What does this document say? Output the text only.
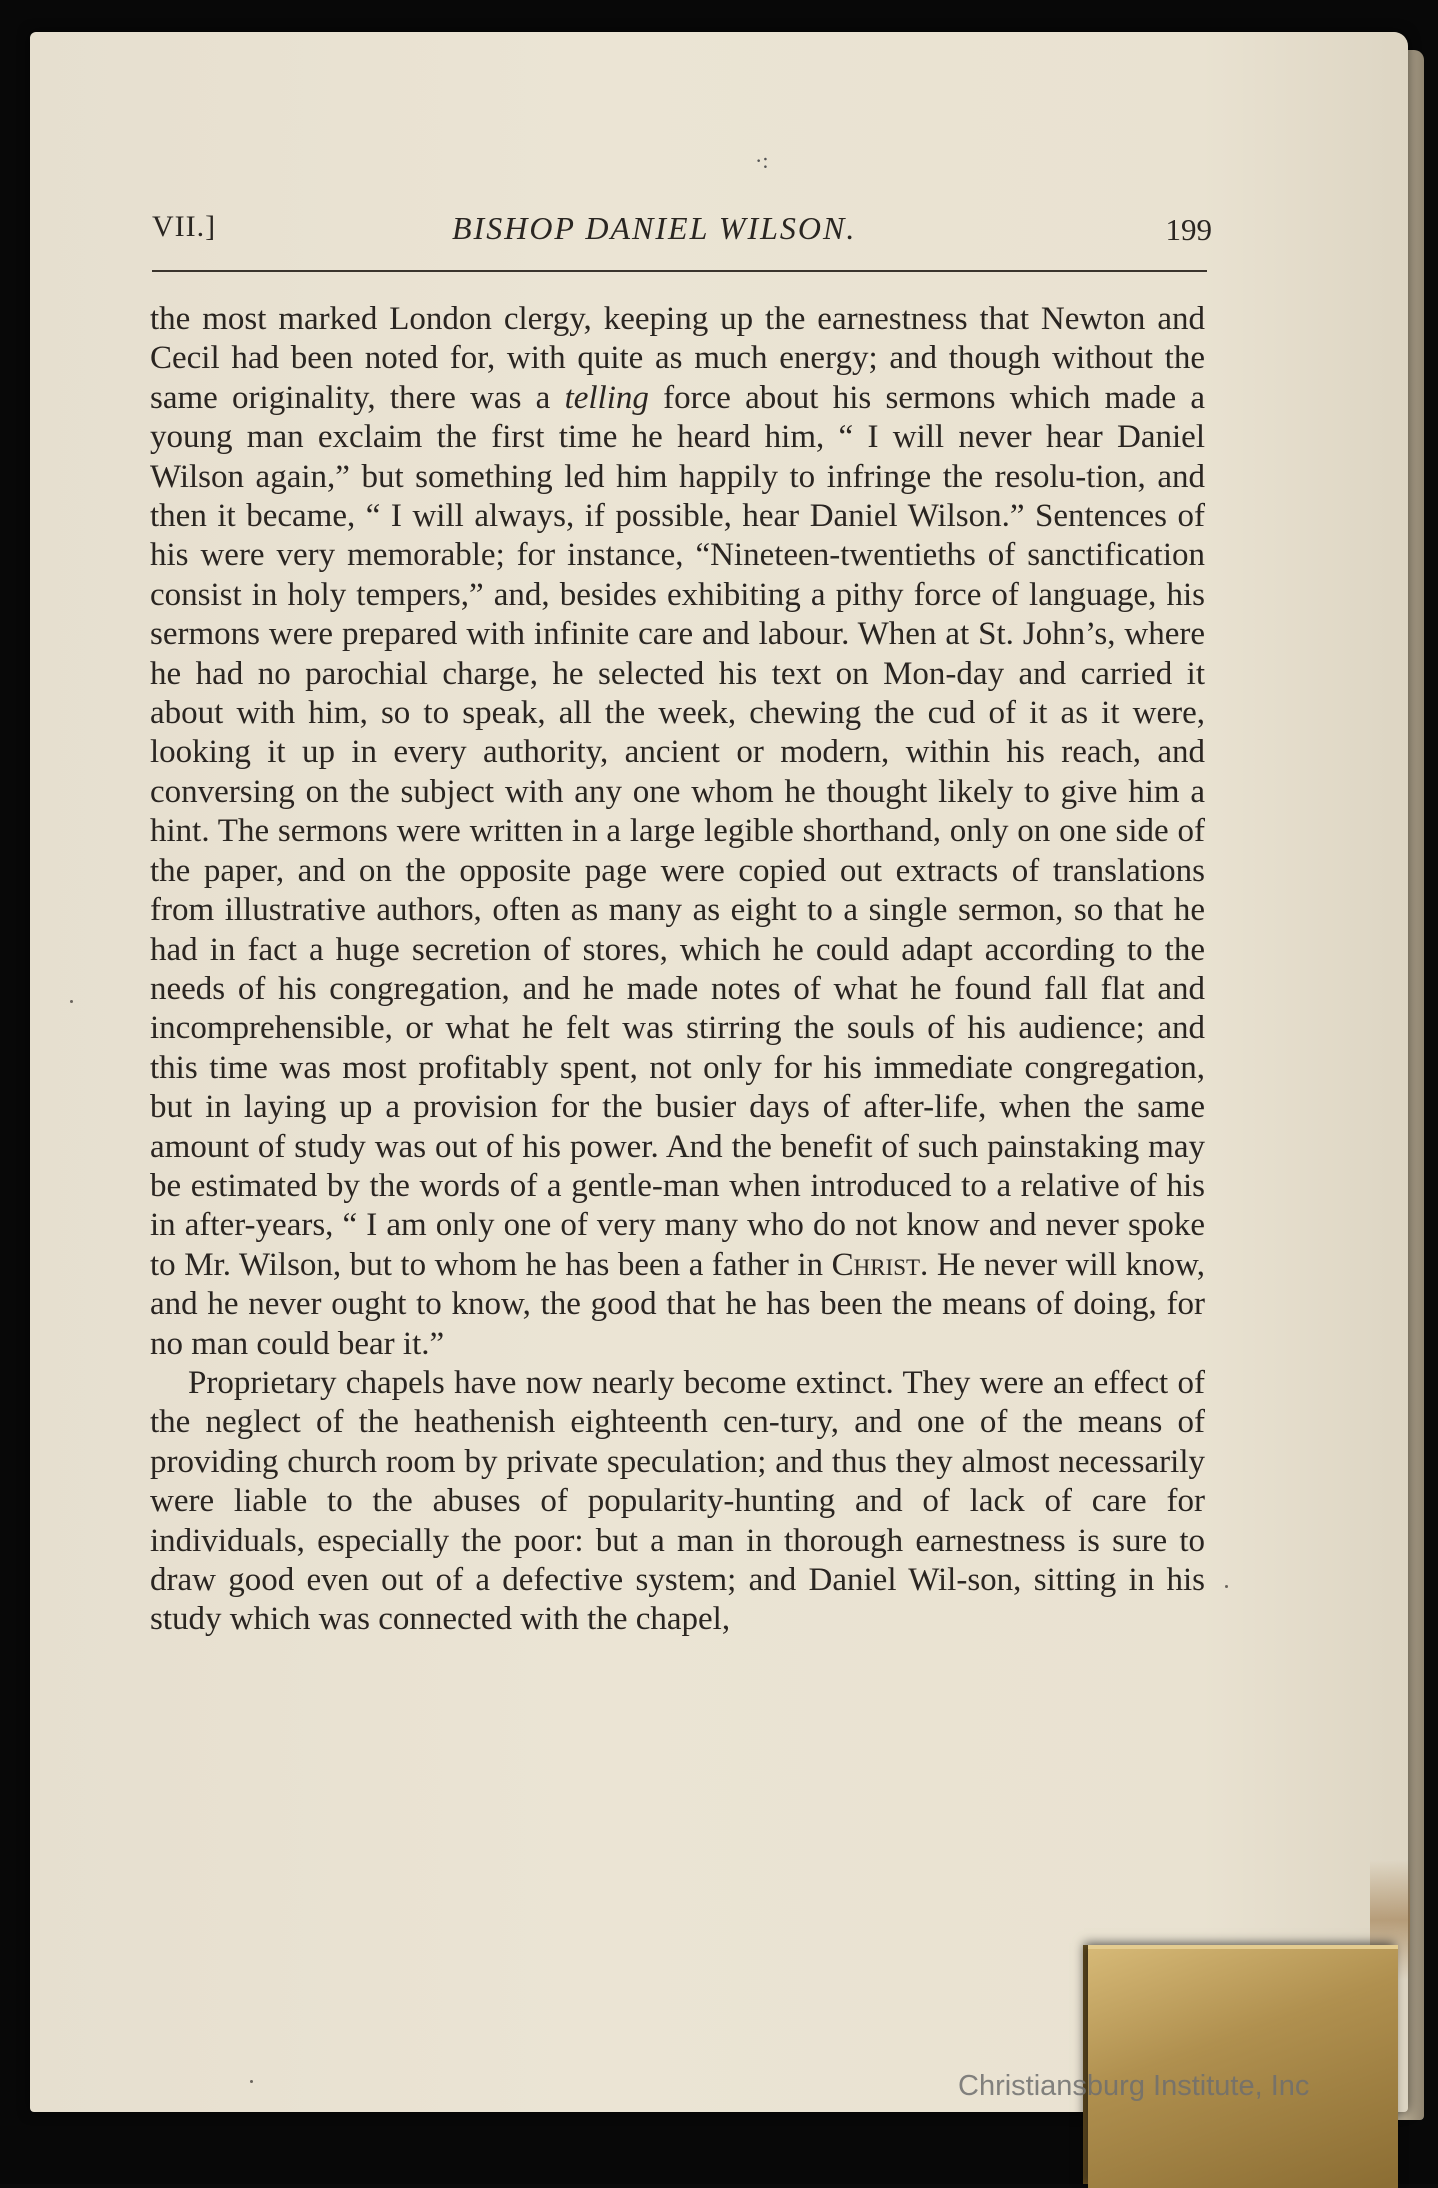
·:
VII.]	BISHOP DANIEL WILSON.	199

the most marked London clergy, keeping up the earnestness that Newton and Cecil had been noted for, with quite as much energy; and though without the same originality, there was a telling force about his sermons which made a young man exclaim the first time he heard him, “ I will never hear Daniel Wilson again,” but something led him happily to infringe the resolu-tion, and then it became, “ I will always, if possible, hear Daniel Wilson.” Sentences of his were very memorable; for instance, “Nineteen-twentieths of sanctification consist in holy tempers,” and, besides exhibiting a pithy force of language, his sermons were prepared with infinite care and labour. When at St. John’s, where he had no parochial charge, he selected his text on Mon-day and carried it about with him, so to speak, all the week, chewing the cud of it as it were, looking it up in every authority, ancient or modern, within his reach, and conversing on the subject with any one whom he thought likely to give him a hint. The sermons were written in a large legible shorthand, only on one side of the paper, and on the opposite page were copied out extracts of translations from illustrative authors, often as many as eight to a single sermon, so that he had in fact a huge secretion of stores, which he could adapt according to the needs of his congregation, and he made notes of what he found fall flat and incomprehensible, or what he felt was stirring the souls of his audience; and this time was most profitably spent, not only for his immediate congregation, but in laying up a provision for the busier days of after-life, when the same amount of study was out of his power. And the benefit of such painstaking may be estimated by the words of a gentle-man when introduced to a relative of his in after-years, “ I am only one of very many who do not know and never spoke to Mr. Wilson, but to whom he has been a father in Christ. He never will know, and he never ought to know, the good that he has been the means of doing, for no man could bear it.”

Proprietary chapels have now nearly become extinct. They were an effect of the neglect of the heathenish eighteenth cen-tury, and one of the means of providing church room by private speculation; and thus they almost necessarily were liable to the abuses of popularity-hunting and of lack of care for individuals, especially the poor: but a man in thorough earnestness is sure to draw good even out of a defective system; and Daniel Wil-son, sitting in his study which was connected with the chapel,

Christiansburg Institute, Inc
